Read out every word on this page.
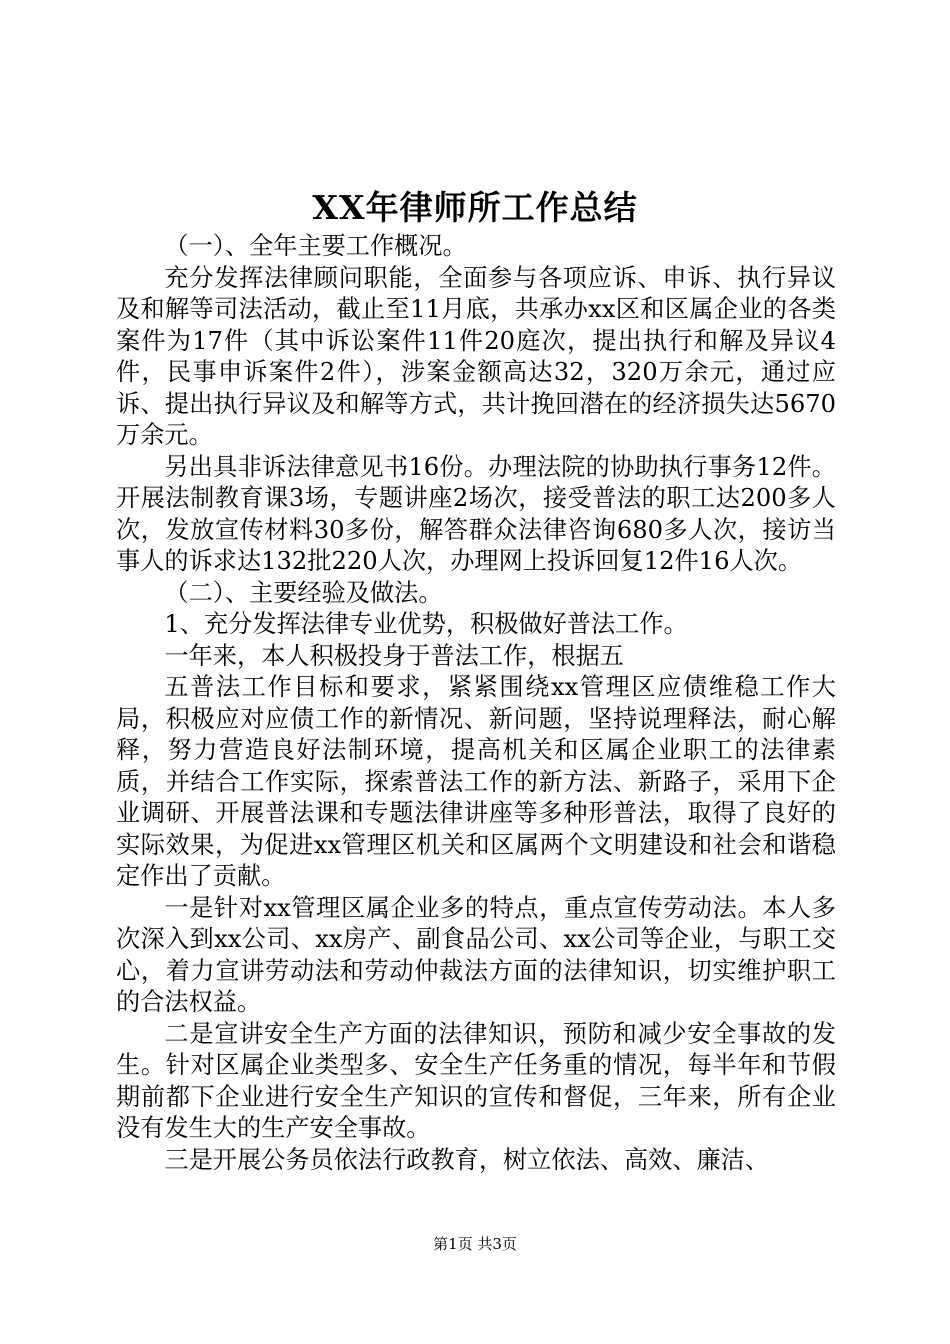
XX年律师所工作总结

（一）、全年主要工作概况。

充分发挥法律顾问职能，全面参与各项应诉、申诉、执行异议及和解等司法活动，截止至11月底，共承办xx区和区属企业的各类案件为17件（其中诉讼案件11件20庭次，提出执行和解及异议4件，民事申诉案件2件），涉案金额高达32，320万余元，通过应诉、提出执行异议及和解等方式，共计挽回潜在的经济损失达5670万余元。

另出具非诉法律意见书16份。办理法院的协助执行事务12件。开展法制教育课3场，专题讲座2场次，接受普法的职工达200多人次，发放宣传材料30多份，解答群众法律咨询680多人次，接访当事人的诉求达132批220人次，办理网上投诉回复12件16人次。

（二）、主要经验及做法。

1、充分发挥法律专业优势，积极做好普法工作。

一年来，本人积极投身于普法工作，根据五

五普法工作目标和要求，紧紧围绕xx管理区应债维稳工作大局，积极应对应债工作的新情况、新问题，坚持说理释法，耐心解释，努力营造良好法制环境，提高机关和区属企业职工的法律素质，并结合工作实际，探索普法工作的新方法、新路子，采用下企业调研、开展普法课和专题法律讲座等多种形普法，取得了良好的实际效果，为促进xx管理区机关和区属两个文明建设和社会和谐稳定作出了贡献。

一是针对xx管理区属企业多的特点，重点宣传劳动法。本人多次深入到xx公司、xx房产、副食品公司、xx公司等企业，与职工交心，着力宣讲劳动法和劳动仲裁法方面的法律知识，切实维护职工的合法权益。

二是宣讲安全生产方面的法律知识，预防和减少安全事故的发生。针对区属企业类型多、安全生产任务重的情况，每半年和节假期前都下企业进行安全生产知识的宣传和督促，三年来，所有企业没有发生大的生产安全事故。

三是开展公务员依法行政教育，树立依法、高效、廉洁、

第1页 共3页
